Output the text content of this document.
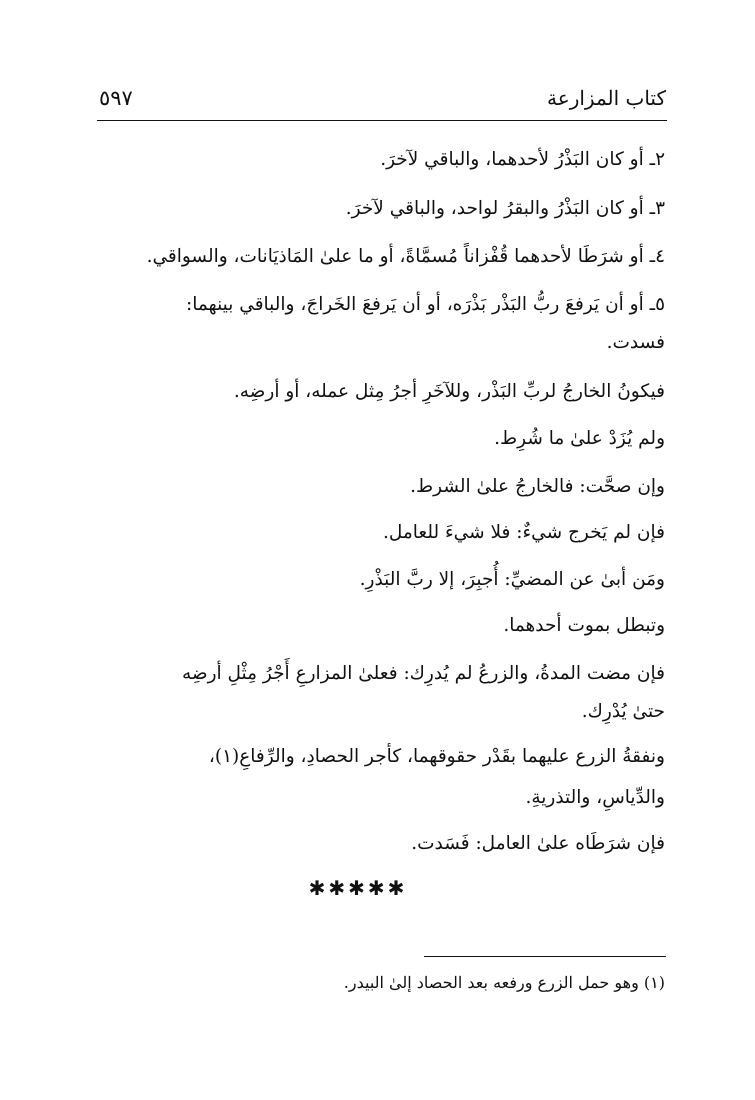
كتاب المزارعة
٥٩٧
٢ـ أو كان البَذْرُ لأحدهما، والباقي لآخرَ.
٣ـ أو كان البَذْرُ والبقرُ لواحد، والباقي لآخرَ.
٤ـ أو شرَطَا لأحدهما قُفْزاناً مُسمَّاةً، أو ما علىٰ المَاذيَانات، والسواقي.
٥ـ أو أن يَرفعَ ربُّ البَذْر بَذْرَه، أو أن يَرفعَ الخَراجَ، والباقي بينهما:
فسدت.
فيكونُ الخارجُ لربِّ البَذْر، وللآخَرِ أجرُ مِثل عمله، أو أرضِه.
ولم يُزَدْ علىٰ ما شُرِط.
وإن صحَّت: فالخارجُ علىٰ الشرط.
فإن لم يَخرج شيءٌ: فلا شيءَ للعامل.
ومَن أبىٰ عن المضيِّ: أُجبِرَ، إلا ربَّ البَذْرِ.
وتبطل بموت أحدهما.
فإن مضت المدةُ، والزرعُ لم يُدرِك: فعلىٰ المزارعِ أَجْرُ مِثْلِ أرضِه
حتىٰ يُدْرِك.
ونفقةُ الزرع عليهما بقَدْر حقوقهما، كأجر الحصادِ، والرِّفاعِ(١)،
والدِّياسِ، والتذريةِ.
فإن شرَطَاه علىٰ العامل: فَسَدت.
✱✱✱✱✱
(١) وهو حمل الزرع ورفعه بعد الحصاد إلىٰ البيدر.
